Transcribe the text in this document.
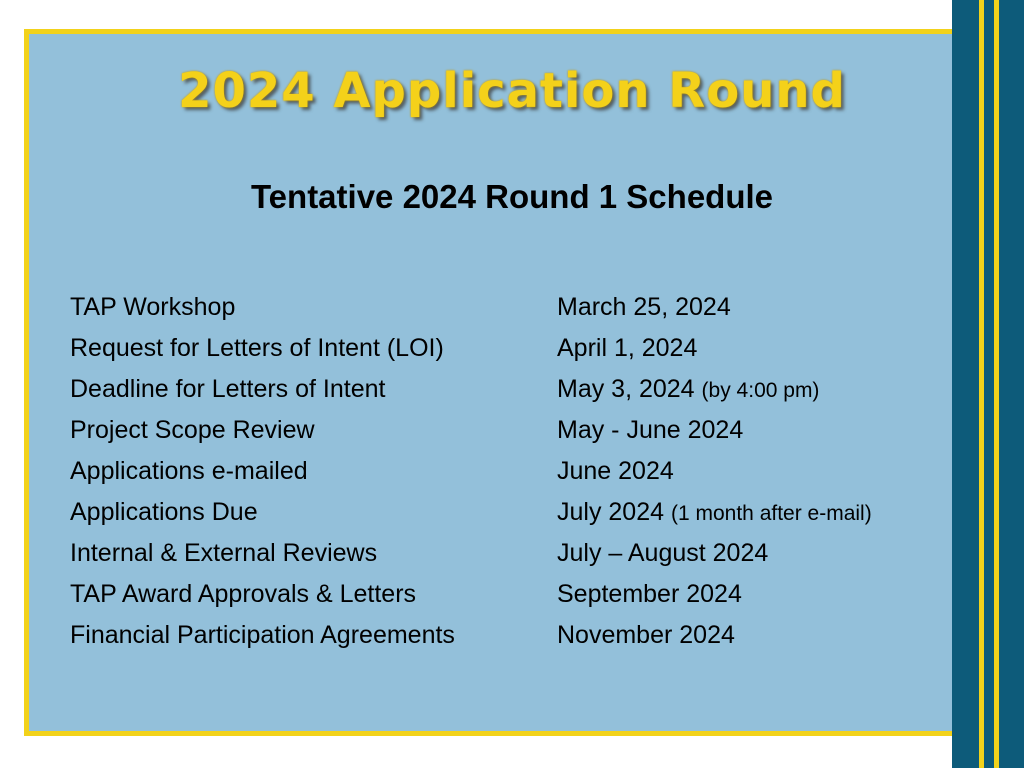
2024 Application Round
Tentative 2024 Round 1 Schedule
TAP Workshop	March 25, 2024
Request for Letters of Intent (LOI)	April 1, 2024
Deadline for Letters of Intent	May 3, 2024 (by 4:00 pm)
Project Scope Review	May - June 2024
Applications e-mailed	June 2024
Applications Due	July 2024 (1 month after e-mail)
Internal & External Reviews	July – August 2024
TAP Award Approvals & Letters	September 2024
Financial Participation Agreements	November 2024
